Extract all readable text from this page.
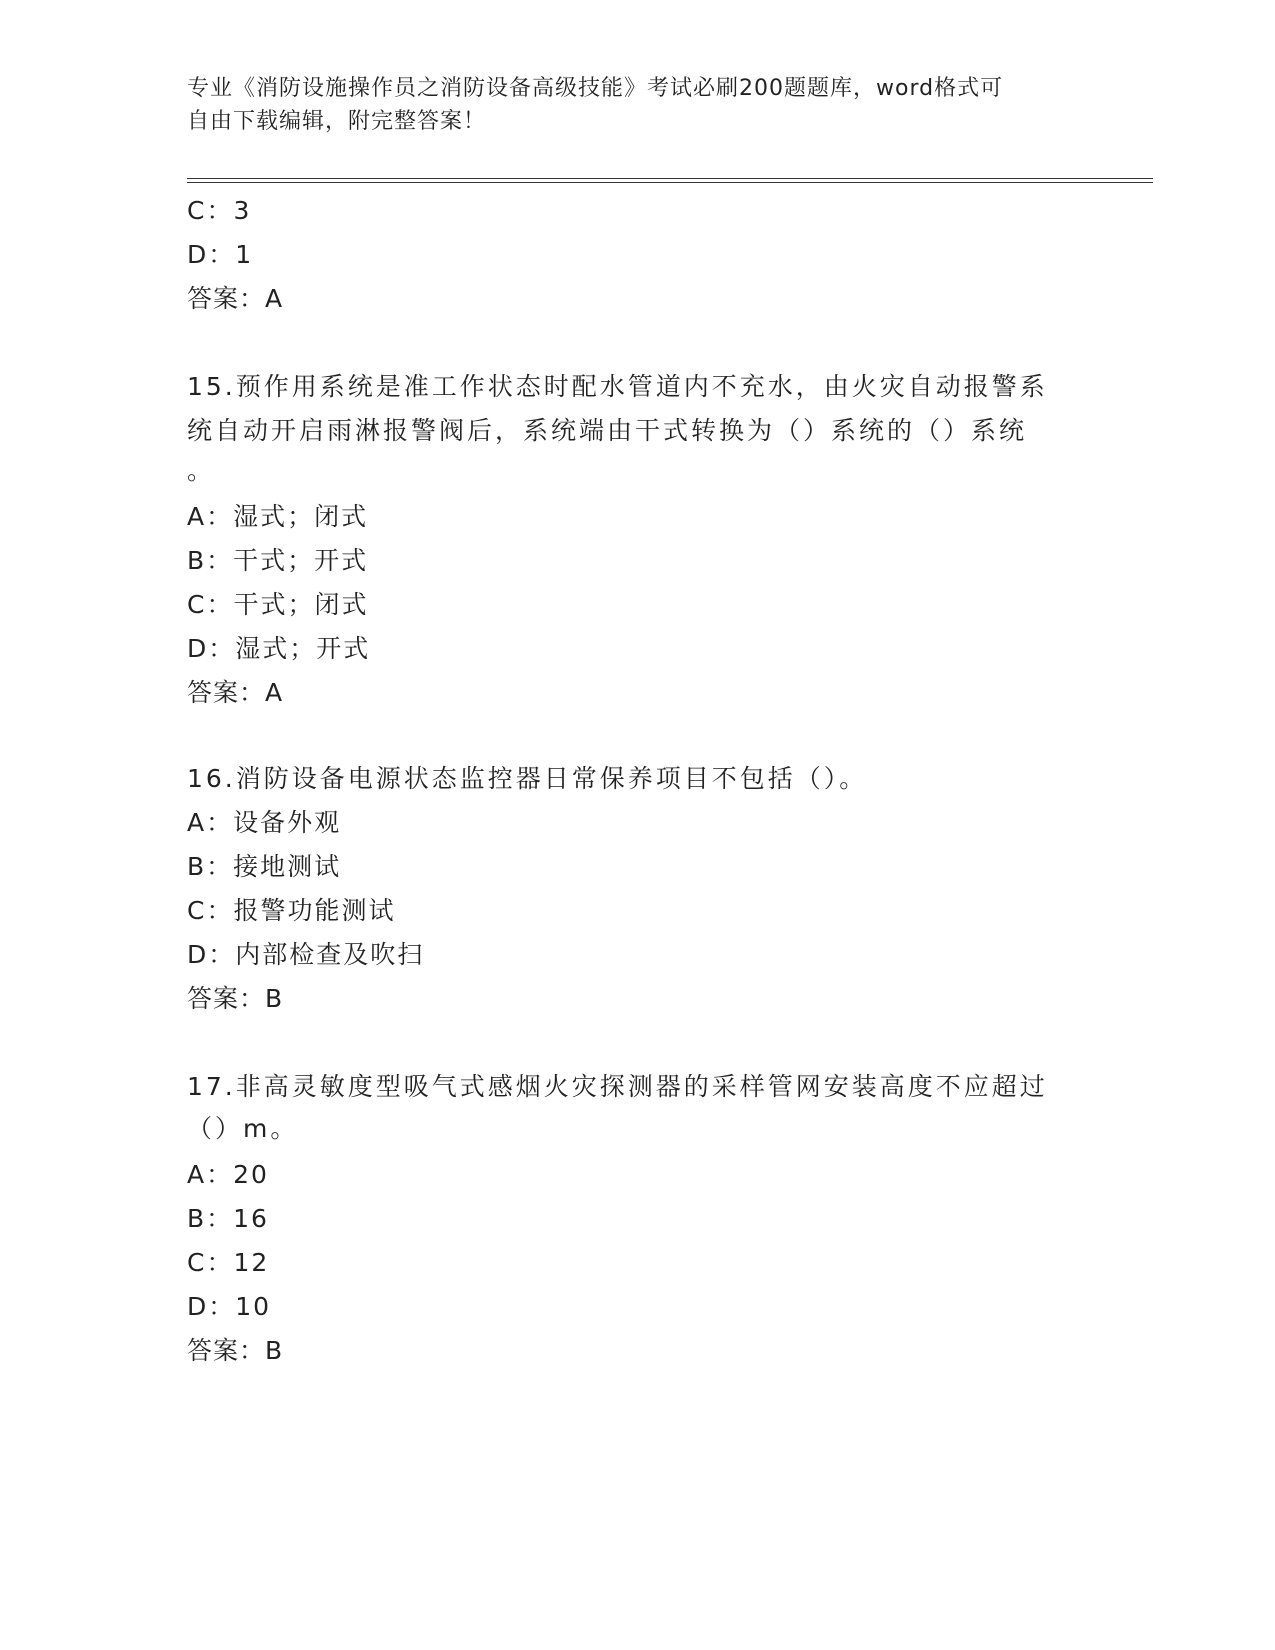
专业《消防设施操作员之消防设备高级技能》考试必刷200题题库，word格式可
自由下载编辑，附完整答案！
C：3
D：1
答案：A
15.预作用系统是准工作状态时配水管道内不充水，由火灾自动报警系
统自动开启雨淋报警阀后，系统端由干式转换为（）系统的（）系统
。
A：湿式；闭式
B：干式；开式
C：干式；闭式
D：湿式；开式
答案：A
16.消防设备电源状态监控器日常保养项目不包括（）。
A：设备外观
B：接地测试
C：报警功能测试
D：内部检查及吹扫
答案：B
17.非高灵敏度型吸气式感烟火灾探测器的采样管网安装高度不应超过
（）m。
A：20
B：16
C：12
D：10
答案：B
